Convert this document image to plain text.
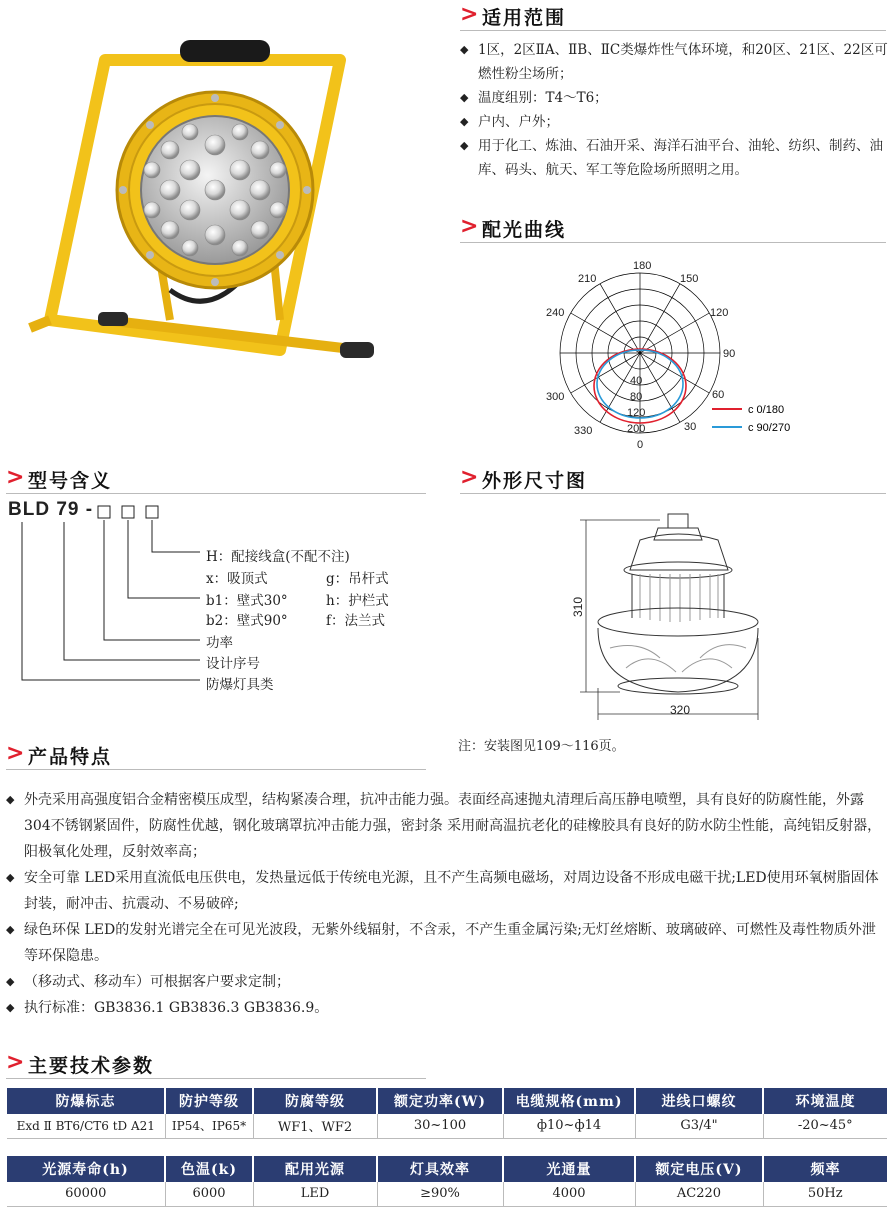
> 适用范围
◆ 1区，2区ⅡA、ⅡB、ⅡC类爆炸性气体环境，和20区、21区、22区可燃性粉尘场所；
◆ 温度组别：T4～T6；
◆ 户内、户外；
◆ 用于化工、炼油、石油开采、海洋石油平台、油轮、纺织、制药、油库、码头、航天、军工等危险场所照明之用。
> 配光曲线
180
150
120
90
60
30
0
330
300
240
210
40
80
120
200
c 0/180
c 90/270
> 型号含义
BLD 79 -
H：配接线盒(不配不注)
x：吸顶式	g：吊杆式
b1：壁式30°	h：护栏式
b2：壁式90°	f：法兰式
功率
设计序号
防爆灯具类
> 外形尺寸图
310
320
注：安装图见109～116页。
> 产品特点
◆ 外壳采用高强度铝合金精密模压成型，结构紧凑合理，抗冲击能力强。表面经高速抛丸清理后高压静电喷塑，具有良好的防腐性能，外露304不锈钢紧固件，防腐性优越，钢化玻璃罩抗冲击能力强，密封条 采用耐高温抗老化的硅橡胶具有良好的防水防尘性能，高纯铝反射器，阳极氧化处理，反射效率高；
◆ 安全可靠 LED采用直流低电压供电，发热量远低于传统电光源，且不产生高频电磁场，对周边设备不形成电磁干扰;LED使用环氧树脂固体封装，耐冲击、抗震动、不易破碎;
◆ 绿色环保 LED的发射光谱完全在可见光波段，无紫外线辐射，不含汞，不产生重金属污染;无灯丝熔断、玻璃破碎、可燃性及毒性物质外泄等环保隐患。
◆ （移动式、移动车）可根据客户要求定制；
◆ 执行标准：GB3836.1 GB3836.3 GB3836.9。
> 主要技术参数
防爆标志	防护等级	防腐等级	额定功率(W)	电缆规格(mm)	进线口螺纹	环境温度
Exd Ⅱ BT6/CT6 tD A21	IP54、IP65*	WF1、WF2	30~100	ф10~ф14	G3/4"	-20~45°
光源寿命(h)	色温(k)	配用光源	灯具效率	光通量	额定电压(V)	频率
60000	6000	LED	≥90%	4000	AC220	50Hz
